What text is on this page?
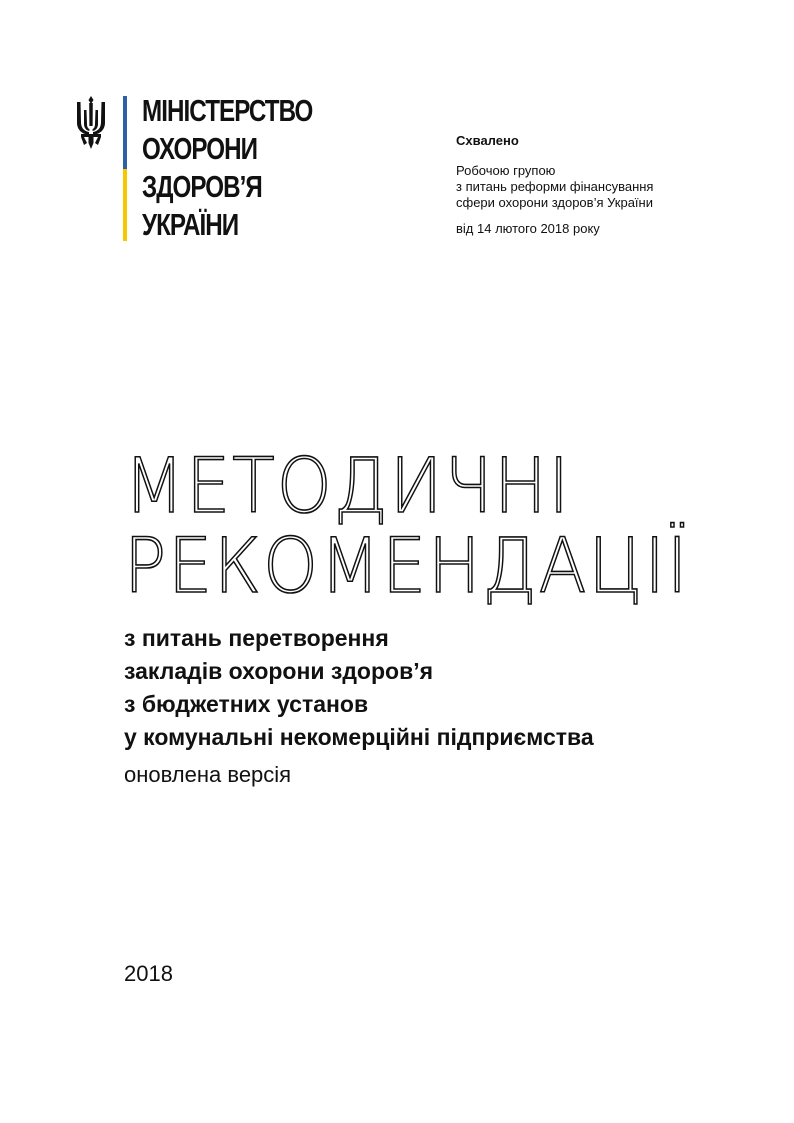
МІНІСТЕРСТВО
ОХОРОНИ
ЗДОРОВ’Я
УКРАЇНИ
Схвалено
Робочою групою
з питань реформи фінансування
сфери охорони здоров’я України
від 14 лютого 2018 року
МЕТОДИЧНІ
РЕКОМЕНДАЦІЇ
з питань перетворення
закладів охорони здоров’я
з бюджетних установ
у комунальні некомерційні підприємства
оновлена версія
2018
